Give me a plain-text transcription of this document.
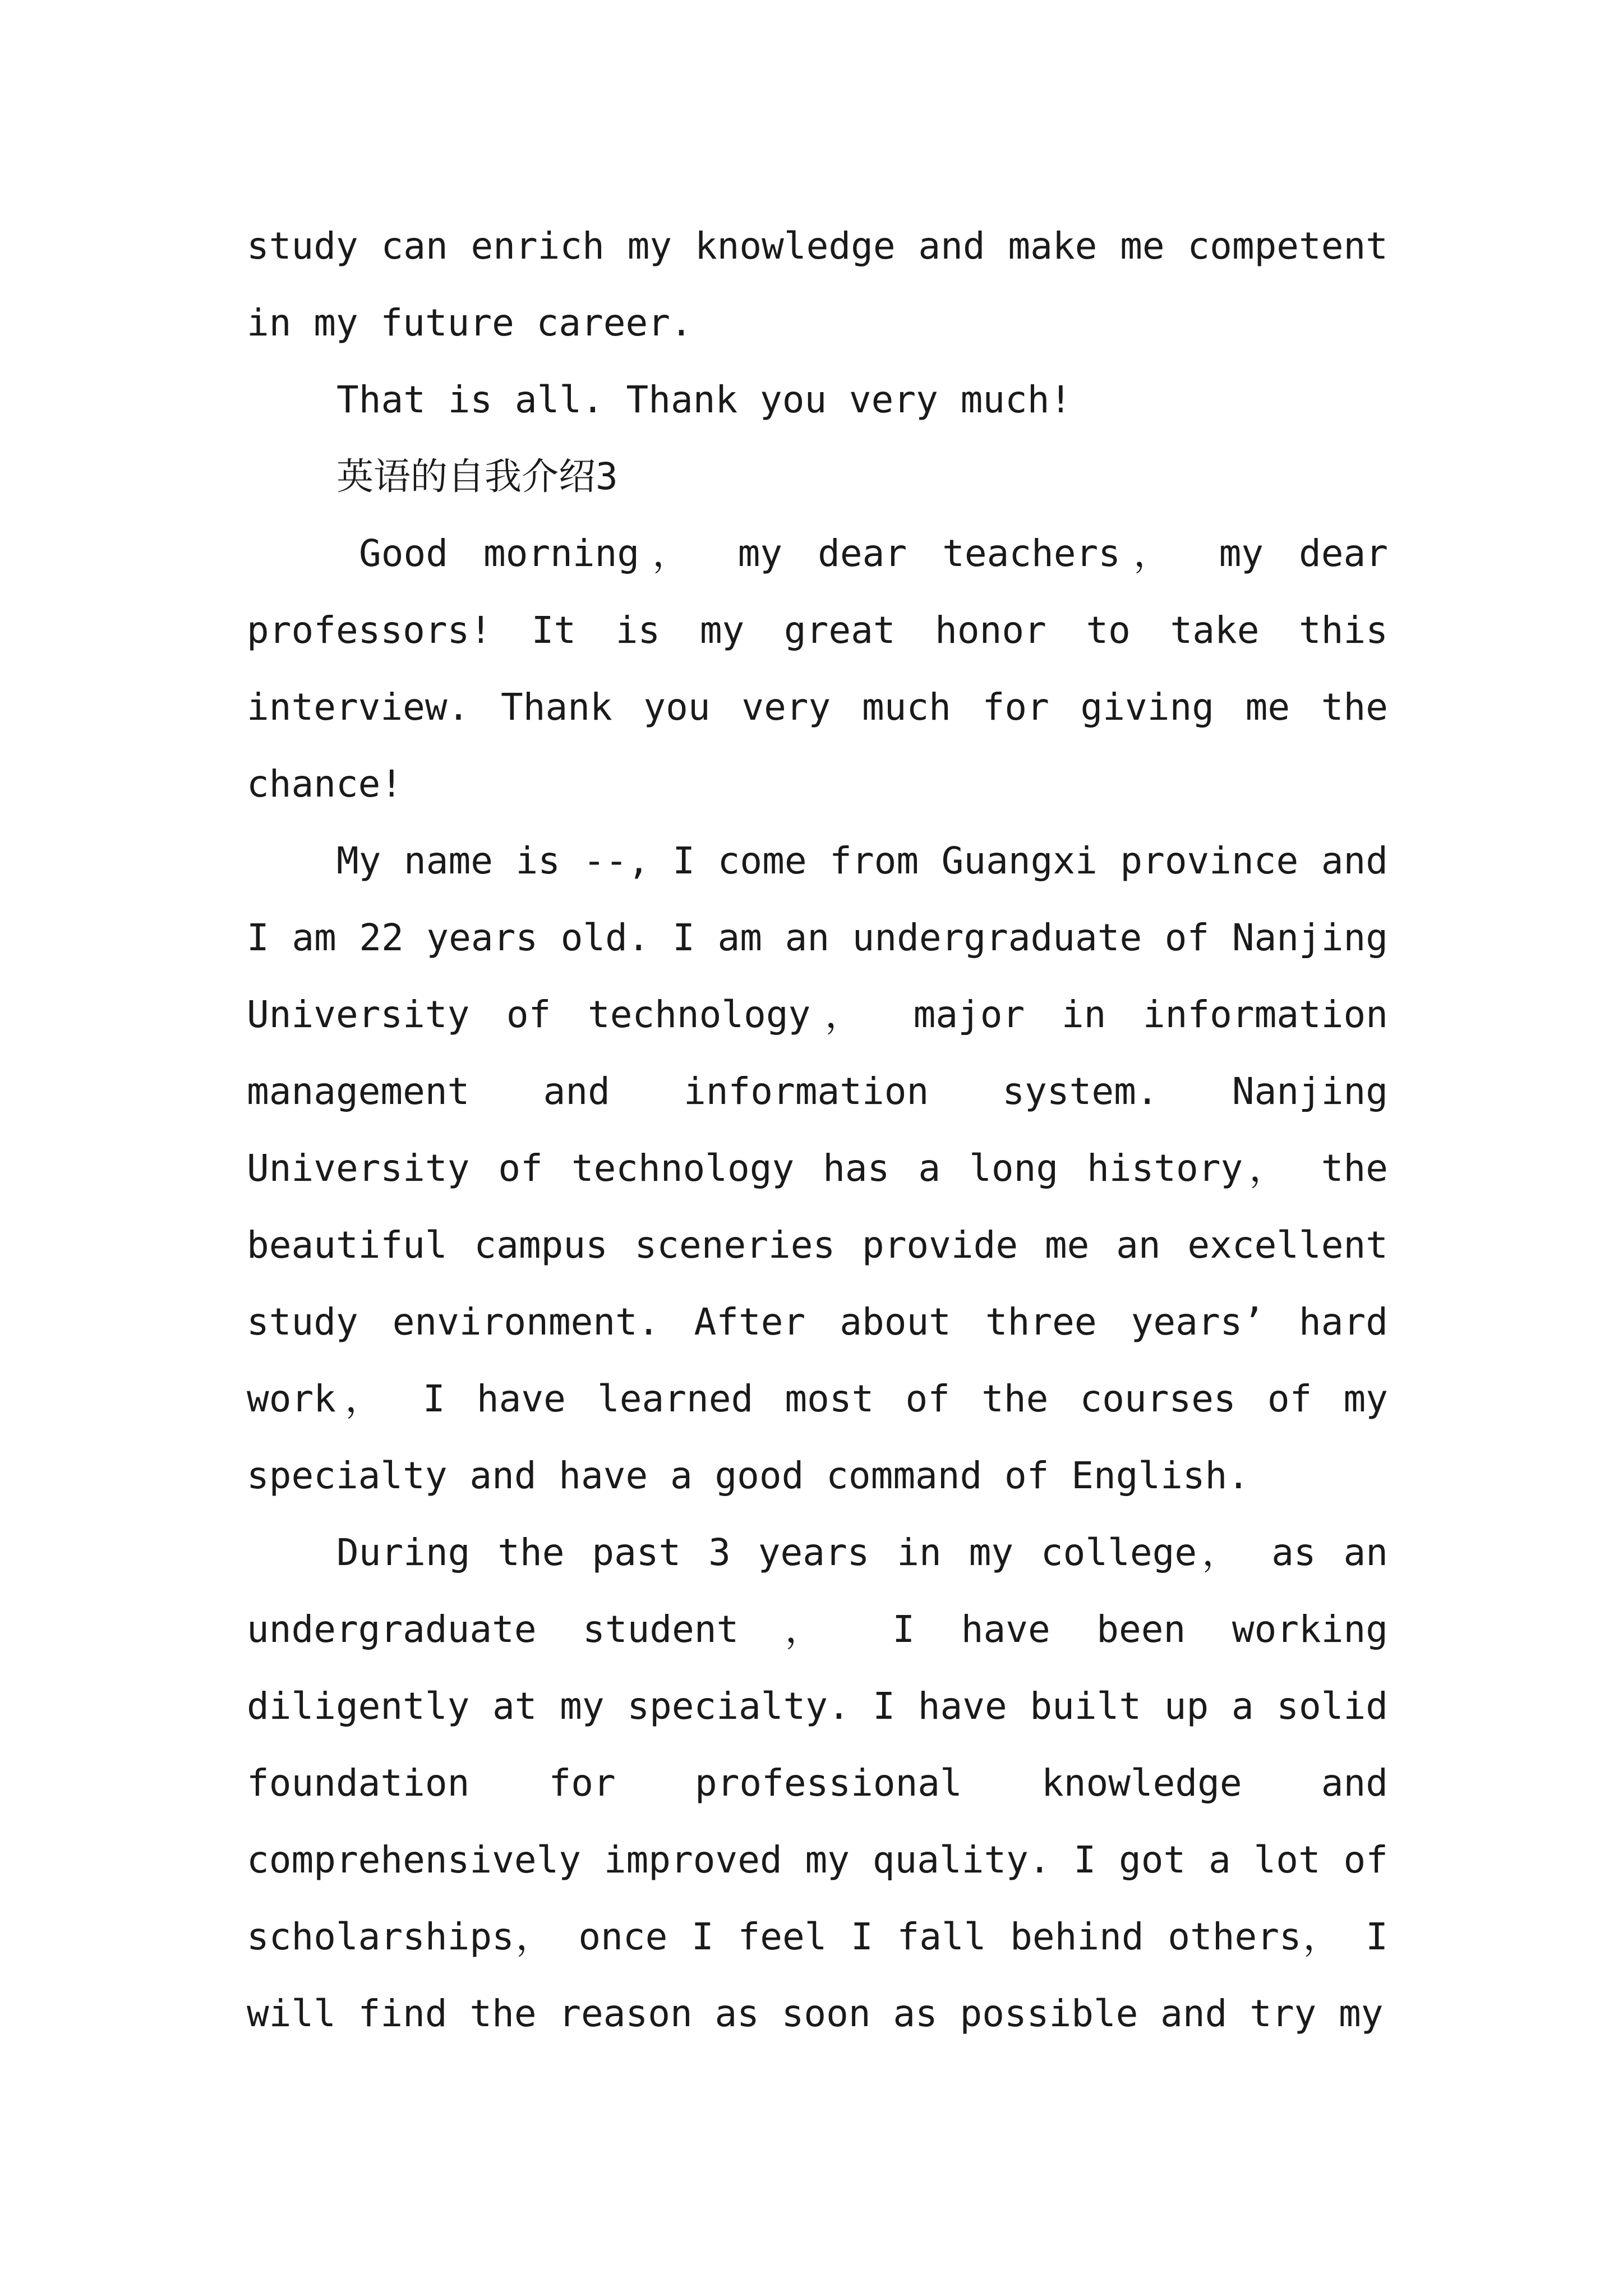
study can enrich my knowledge and make me competent in my future career.

That is all. Thank you very much!

英语的自我介绍3

Good morning， my dear teachers， my dear professors! It is my great honor to take this interview. Thank you very much for giving me the chance!

My name is --, I come from Guangxi province and I am 22 years old. I am an undergraduate of Nanjing University of technology， major in information management and information system. Nanjing University of technology has a long history， the beautiful campus sceneries provide me an excellent study environment. After about three years’ hard work， I have learned most of the courses of my specialty and have a good command of English.

During the past 3 years in my college， as an undergraduate student ， I have been working diligently at my specialty. I have built up a solid foundation for professional knowledge and comprehensively improved my quality. I got a lot of scholarships， once I feel I fall behind others， I will find the reason as soon as possible and try my
